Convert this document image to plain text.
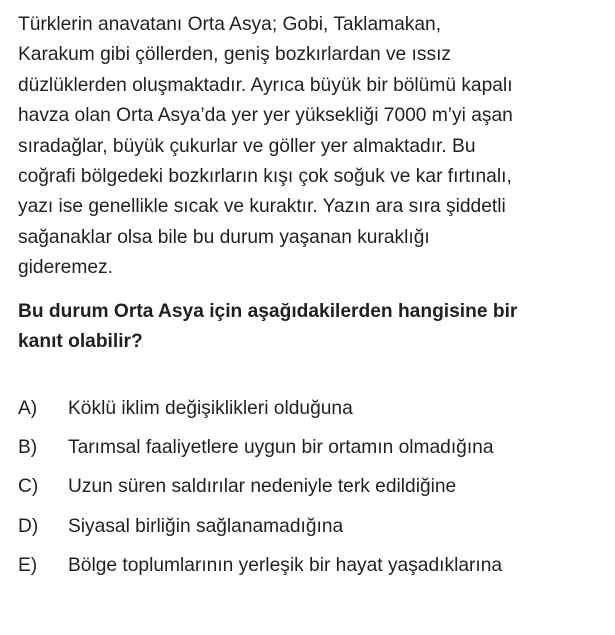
Türklerin anavatanı Orta Asya; Gobi, Taklamakan,
Karakum gibi çöllerden, geniş bozkırlardan ve ıssız
düzlüklerden oluşmaktadır. Ayrıca büyük bir bölümü kapalı
havza olan Orta Asya’da yer yer yüksekliği 7000 m’yi aşan
sıradağlar, büyük çukurlar ve göller yer almaktadır. Bu
coğrafi bölgedeki bozkırların kışı çok soğuk ve kar fırtınalı,
yazı ise genellikle sıcak ve kuraktır. Yazın ara sıra şiddetli
sağanaklar olsa bile bu durum yaşanan kuraklığı
gideremez.
Bu durum Orta Asya için aşağıdakilerden hangisine bir
kanıt olabilir?
A)	Köklü iklim değişiklikleri olduğuna
B)	Tarımsal faaliyetlere uygun bir ortamın olmadığına
C)	Uzun süren saldırılar nedeniyle terk edildiğine
D)	Siyasal birliğin sağlanamadığına
E)	Bölge toplumlarının yerleşik bir hayat yaşadıklarına
